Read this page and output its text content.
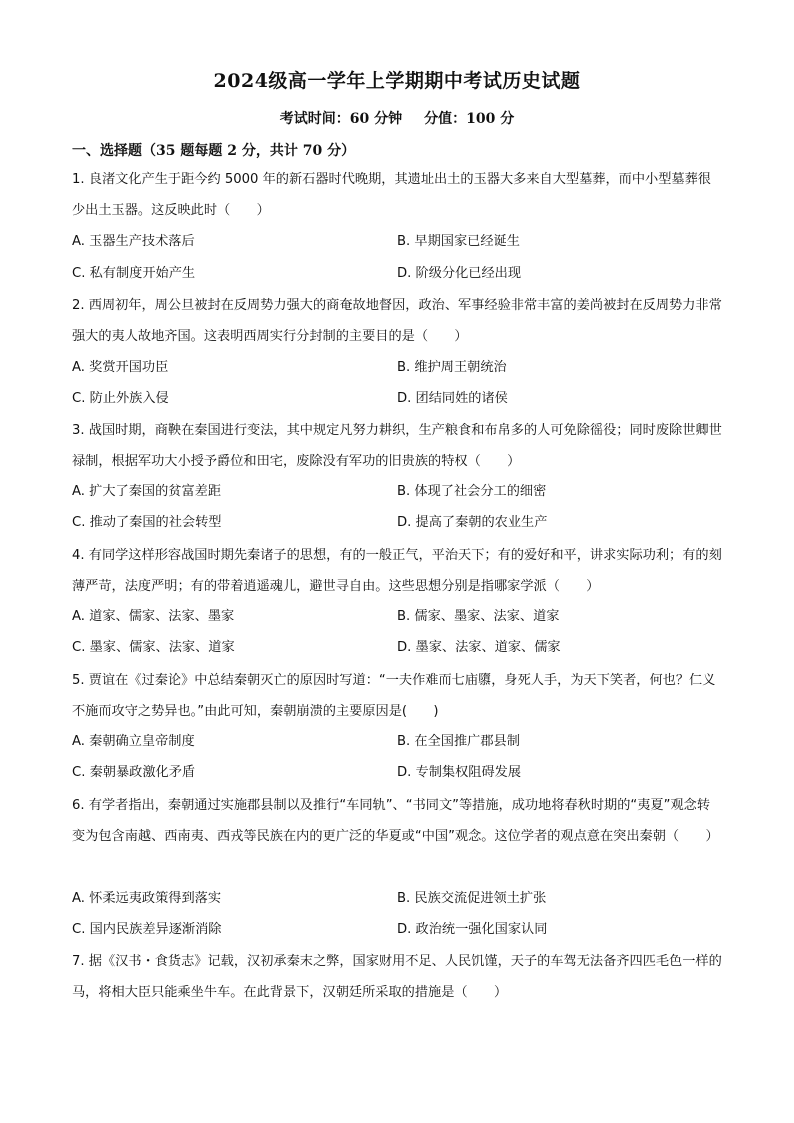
2024级高一学年上学期期中考试历史试题
考试时间：60 分钟 分值：100 分
一、选择题（35 题每题 2 分，共计 70 分）
1. 良渚文化产生于距今约 5000 年的新石器时代晚期，其遗址出土的玉器大多来自大型墓葬，而中小型墓葬很少出土玉器。这反映此时（　　）
A. 玉器生产技术落后	B. 早期国家已经诞生
C. 私有制度开始产生	D. 阶级分化已经出现
2. 西周初年，周公旦被封在反周势力强大的商奄故地督因，政治、军事经验非常丰富的姜尚被封在反周势力非常强大的夷人故地齐国。这表明西周实行分封制的主要目的是（　　）
A. 奖赏开国功臣	B. 维护周王朝统治
C. 防止外族入侵	D. 团结同姓的诸侯
3. 战国时期，商鞅在秦国进行变法，其中规定凡努力耕织，生产粮食和布帛多的人可免除徭役；同时废除世卿世禄制，根据军功大小授予爵位和田宅，废除没有军功的旧贵族的特权（　　）
A. 扩大了秦国的贫富差距	B. 体现了社会分工的细密
C. 推动了秦国的社会转型	D. 提高了秦朝的农业生产
4. 有同学这样形容战国时期先秦诸子的思想，有的一般正气，平治天下；有的爱好和平，讲求实际功利；有的刻薄严苛，法度严明；有的带着逍遥魂儿，避世寻自由。这些思想分别是指哪家学派（　　）
A. 道家、儒家、法家、墨家	B. 儒家、墨家、法家、道家
C. 墨家、儒家、法家、道家	D. 墨家、法家、道家、儒家
5. 贾谊在《过秦论》中总结秦朝灭亡的原因时写道：“一夫作难而七庙隳，身死人手，为天下笑者，何也？仁义不施而攻守之势异也。”由此可知，秦朝崩溃的主要原因是(　　)
A. 秦朝确立皇帝制度	B. 在全国推广郡县制
C. 秦朝暴政激化矛盾	D. 专制集权阻碍发展
6. 有学者指出，秦朝通过实施郡县制以及推行“车同轨”、“书同文”等措施，成功地将春秋时期的“夷夏”观念转变为包含南越、西南夷、西戎等民族在内的更广泛的华夏或“中国”观念。这位学者的观点意在突出秦朝（　　）
A. 怀柔远夷政策得到落实	B. 民族交流促进领土扩张
C. 国内民族差异逐渐消除	D. 政治统一强化国家认同
7. 据《汉书・食货志》记载，汉初承秦末之弊，国家财用不足、人民饥馑，天子的车驾无法备齐四匹毛色一样的马，将相大臣只能乘坐牛车。在此背景下，汉朝廷所采取的措施是（　　）
